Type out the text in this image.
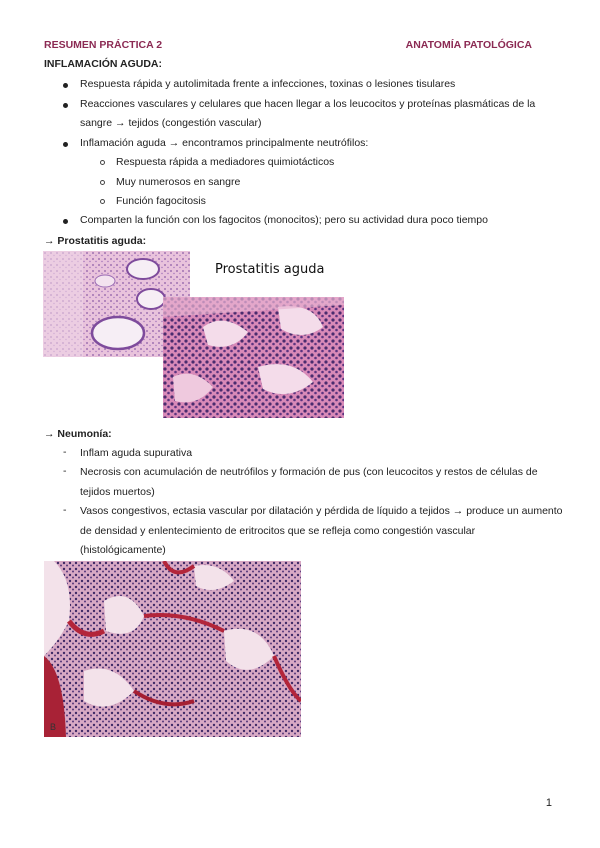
RESUMEN PRÁCTICA 2	ANATOMÍA PATOLÓGICA
INFLAMACIÓN AGUDA:
Respuesta rápida y autolimitada frente a infecciones, toxinas o lesiones tisulares
Reacciones vasculares y celulares que hacen llegar a los leucocitos y proteínas plasmáticas de la
sangre → tejidos (congestión vascular)
Inflamación aguda → encontramos principalmente neutrófilos:
Respuesta rápida a mediadores quimiotácticos
Muy numerosos en sangre
Función fagocitosis
Comparten la función con los fagocitos (monocitos); pero su actividad dura poco tiempo
→ Prostatitis aguda:
Prostatitis aguda
→ Neumonía:
- Inflam aguda supurativa
- Necrosis con acumulación de neutrófilos y formación de pus (con leucocitos y restos de células de
tejidos muertos)
- Vasos congestivos, ectasia vascular por dilatación y pérdida de líquido a tejidos → produce un aumento
de densidad y enlentecimiento de eritrocitos que se refleja como congestión vascular
(histológicamente)
B
1
